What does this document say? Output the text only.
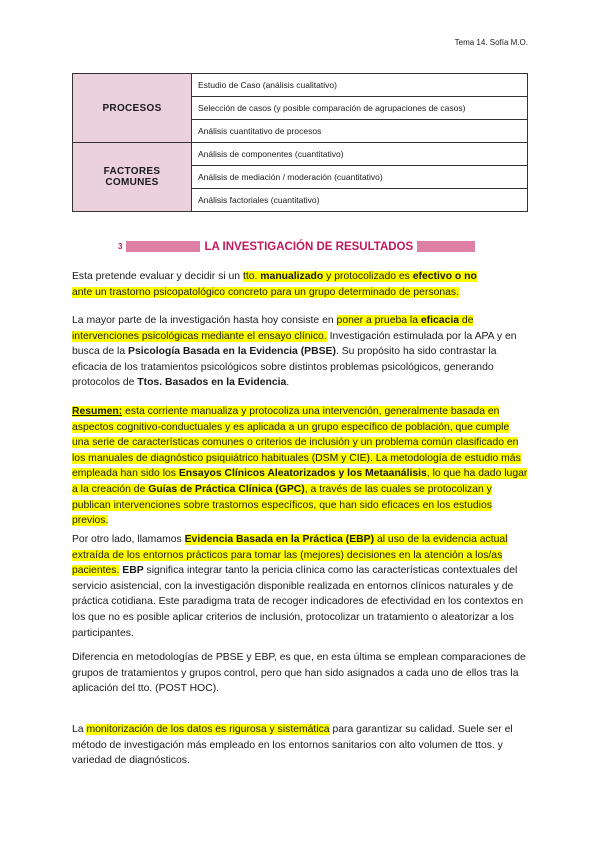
Tema 14. Sofía M.O.
PROCESOS	Estudio de Caso (análisis cualitativo)
	Selección de casos (y posible comparación de agrupaciones de casos)
	Análisis cuantitativo de procesos
FACTORES COMUNES	Análisis de componentes (cuantitativo)
	Análisis de mediación / moderación (cuantitativo)
	Análisis factoriales (cuantitativo)
3	LA INVESTIGACIÓN DE RESULTADOS
Esta pretende evaluar y decidir si un tto. manualizado y protocolizado es efectivo o no
ante un trastorno psicopatológico concreto para un grupo determinado de personas.
La mayor parte de la investigación hasta hoy consiste en poner a prueba la eficacia de
intervenciones psicológicas mediante el ensayo clínico. Investigación estimulada por la APA y en busca de la Psicología Basada en la Evidencia (PBSE). Su propósito ha sido contrastar la eficacia de los tratamientos psicológicos sobre distintos problemas psicológicos, generando protocolos de Ttos. Basados en la Evidencia.
Resumen: esta corriente manualiza y protocoliza una intervención, generalmente basada en aspectos cognitivo-conductuales y es aplicada a un grupo específico de población, que cumple una serie de características comunes o criterios de inclusión y un problema común clasificado en los manuales de diagnóstico psiquiátrico habituales (DSM y CIE). La metodología de estudio más empleada han sido los Ensayos Clínicos Aleatorizados y los Metaanálisis, lo que ha dado lugar a la creación de Guías de Práctica Clínica (GPC), a través de las cuales se protocolizan y publican intervenciones sobre trastornos específicos, que han sido eficaces en los estudios previos.
Por otro lado, llamamos Evidencia Basada en la Práctica (EBP) al uso de la evidencia actual extraída de los entornos prácticos para tomar las (mejores) decisiones en la atención a los/as pacientes. EBP significa integrar tanto la pericia clínica como las características contextuales del servicio asistencial, con la investigación disponible realizada en entornos clínicos naturales y de práctica cotidiana. Este paradigma trata de recoger indicadores de efectividad en los contextos en los que no es posible aplicar criterios de inclusión, protocolizar un tratamiento o aleatorizar a los participantes.
Diferencia en metodologías de PBSE y EBP, es que, en esta última se emplean comparaciones de grupos de tratamientos y grupos control, pero que han sido asignados a cada uno de ellos tras la aplicación del tto. (POST HOC).
La monitorización de los datos es rigurosa y sistemática para garantizar su calidad. Suele ser el método de investigación más empleado en los entornos sanitarios con alto volumen de ttos. y variedad de diagnósticos.
